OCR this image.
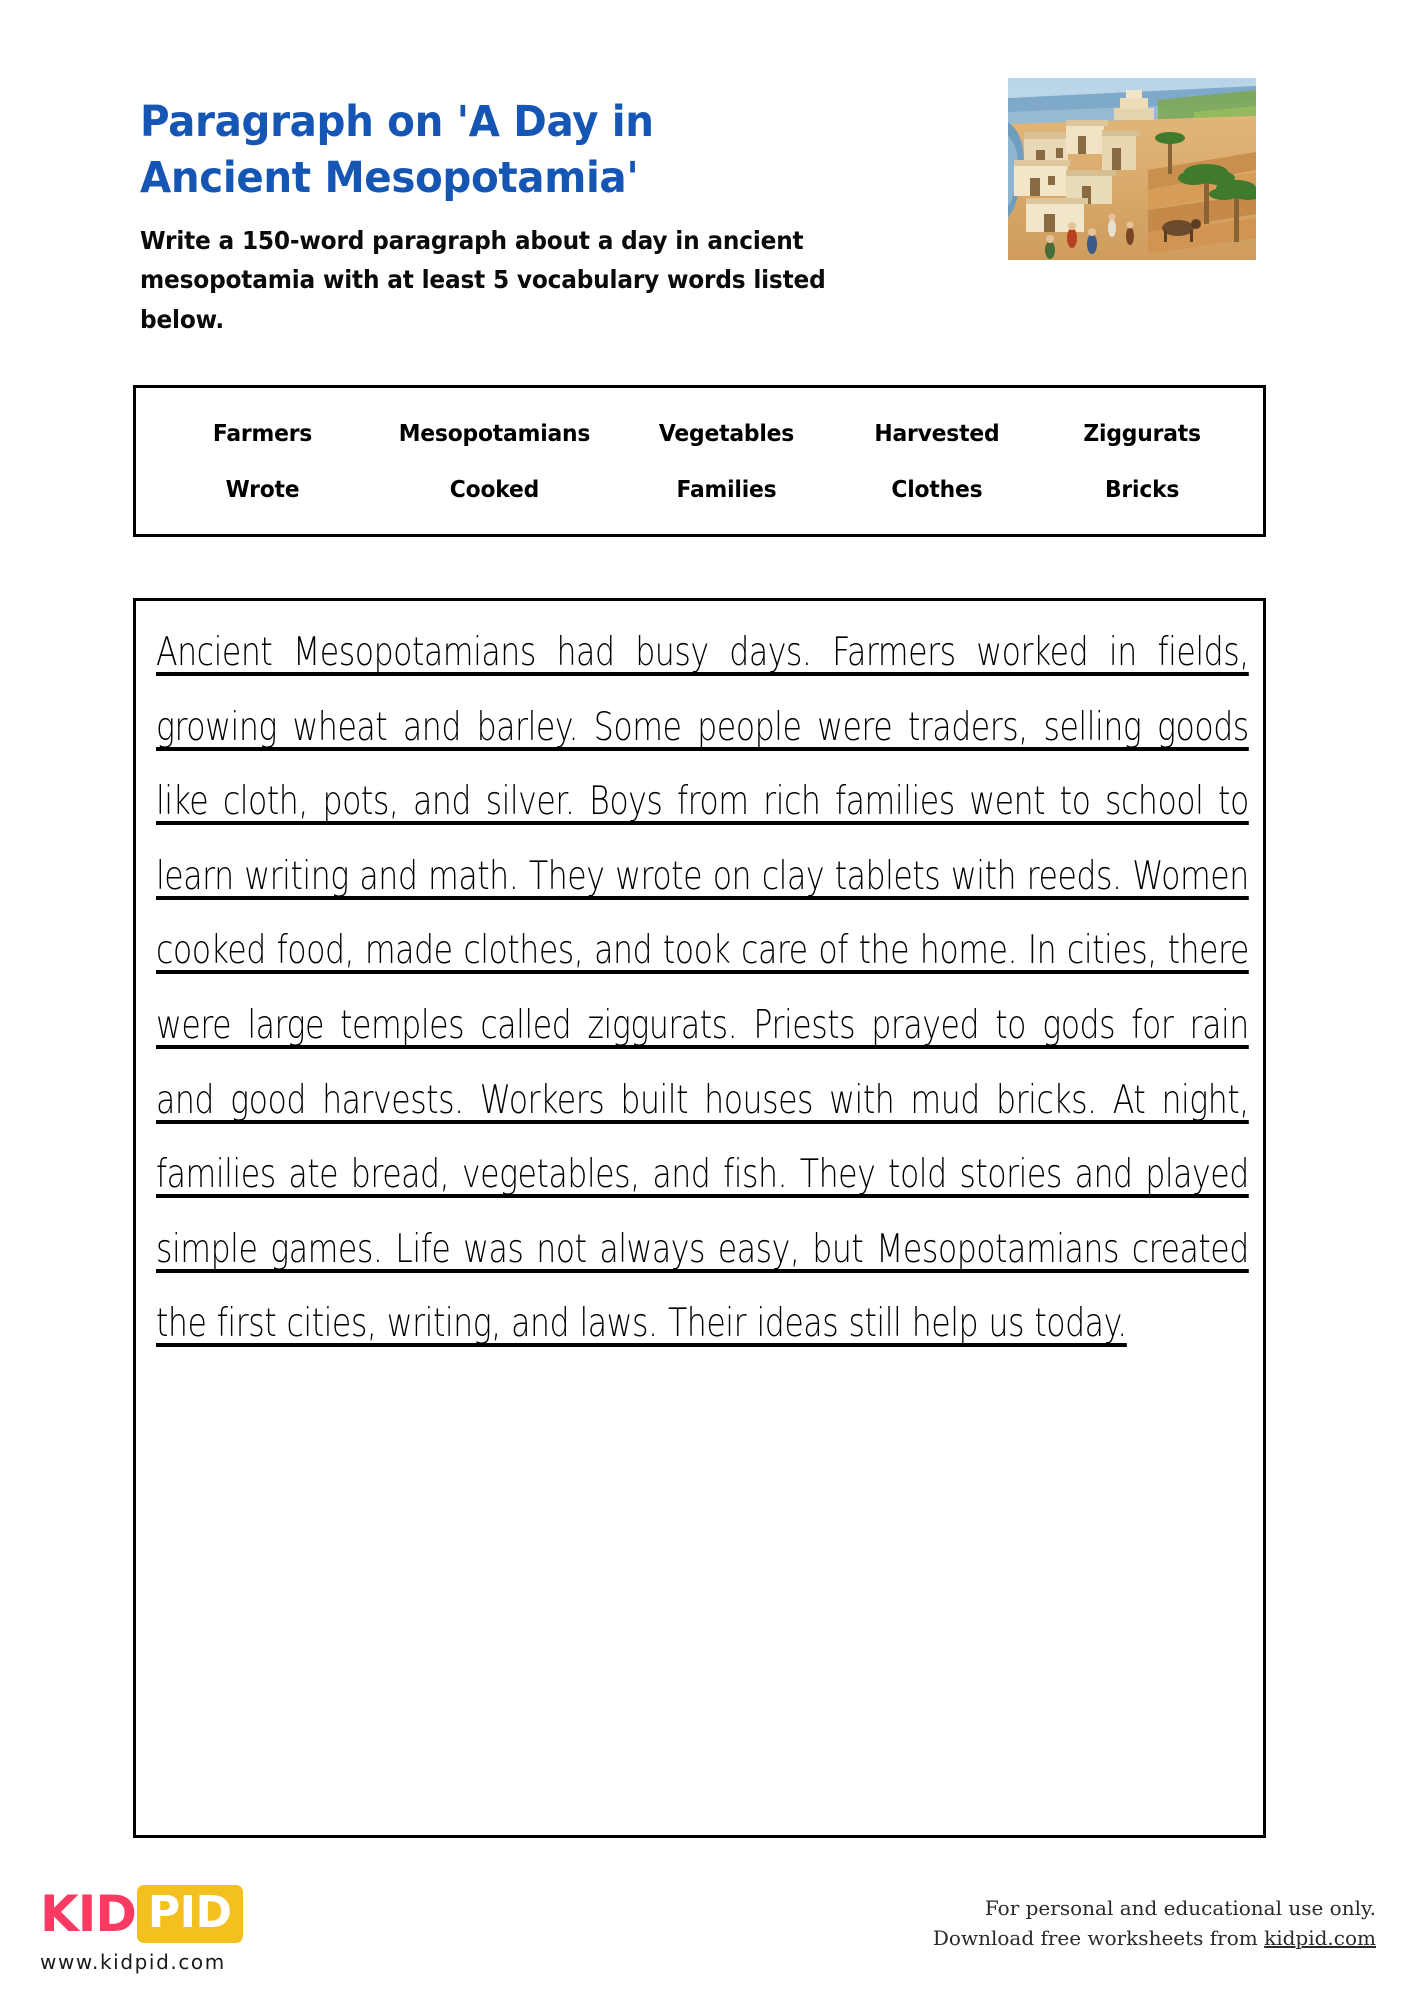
Paragraph on 'A Day in Ancient Mesopotamia'
Write a 150-word paragraph about a day in ancient mesopotamia with at least 5 vocabulary words listed below.
Farmers	Mesopotamians	Vegetables	Harvested	Ziggurats
Wrote	Cooked	Families	Clothes	Bricks
Ancient Mesopotamians had busy days. Farmers worked in fields, growing wheat and barley. Some people were traders, selling goods like cloth, pots, and silver. Boys from rich families went to school to learn writing and math. They wrote on clay tablets with reeds. Women cooked food, made clothes, and took care of the home. In cities, there were large temples called ziggurats. Priests prayed to gods for rain and good harvests. Workers built houses with mud bricks. At night, families ate bread, vegetables, and fish. They told stories and played simple games. Life was not always easy, but Mesopotamians created the first cities, writing, and laws. Their ideas still help us today.
KID PID
www.kidpid.com
For personal and educational use only.
Download free worksheets from kidpid.com
